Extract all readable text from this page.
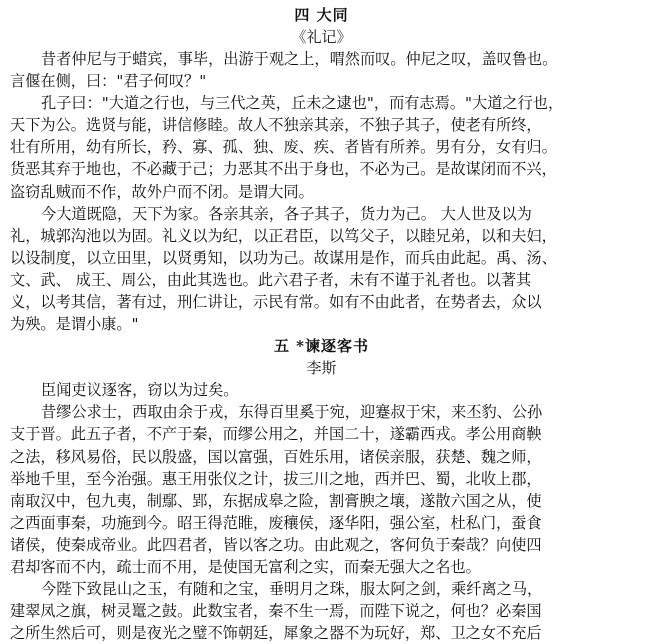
四 大同
《礼记》
昔者仲尼与于蜡宾，事毕，出游于观之上，喟然而叹。仲尼之叹，盖叹鲁也。
言偃在侧，曰："君子何叹？"
孔子曰："大道之行也，与三代之英，丘未之逮也"，而有志焉。"大道之行也，
天下为公。选贤与能，讲信修睦。故人不独亲其亲，不独子其子，使老有所终，
壮有所用，幼有所长，矜、寡、孤、独、废、疾、者皆有所养。男有分，女有归。
货恶其弃于地也，不必藏于己；力恶其不出于身也，不必为己。是故谋闭而不兴，
盗窃乱贼而不作，故外户而不闭。是谓大同。
今大道既隐，天下为家。各亲其亲，各子其子，货力为己。 大人世及以为
礼，城郭沟池以为固。礼义以为纪，以正君臣，以笃父子，以睦兄弟，以和夫妇，
以设制度，以立田里，以贤勇知，以功为己。故谋用是作，而兵由此起。禹、汤、
文、武、 成王、周公，由此其选也。此六君子者，未有不谨于礼者也。以著其
义，以考其信，著有过，刑仁讲让，示民有常。如有不由此者，在势者去，众以
为殃。是谓小康。"
五 *谏逐客书
李斯
臣闻吏议逐客，窃以为过矣。
昔缪公求士，西取由余于戎，东得百里奚于宛，迎蹇叔于宋，来丕豹、公孙
支于晋。此五子者，不产于秦，而缪公用之，并国二十，遂霸西戎。孝公用商鞅
之法，移风易俗，民以殷盛，国以富强，百姓乐用，诸侯亲服，获楚、魏之师，
举地千里，至今治强。惠王用张仪之计，拔三川之地，西并巴、蜀，北收上郡，
南取汉中，包九夷，制鄢、郢，东据成皋之险，割膏腴之壤，遂散六国之从，使
之西面事秦，功施到今。昭王得范睢，废穰侯，逐华阳，强公室，杜私门，蚕食
诸侯，使秦成帝业。此四君者，皆以客之功。由此观之，客何负于秦哉？向使四
君却客而不内，疏士而不用，是使国无富利之实，而秦无强大之名也。
今陛下致昆山之玉，有随和之宝，垂明月之珠，服太阿之剑，乘纤离之马，
建翠凤之旗，树灵鼍之鼓。此数宝者，秦不生一焉，而陛下说之，何也？必秦国
之所生然后可，则是夜光之璧不饰朝廷，犀象之器不为玩好，郑、卫之女不充后
